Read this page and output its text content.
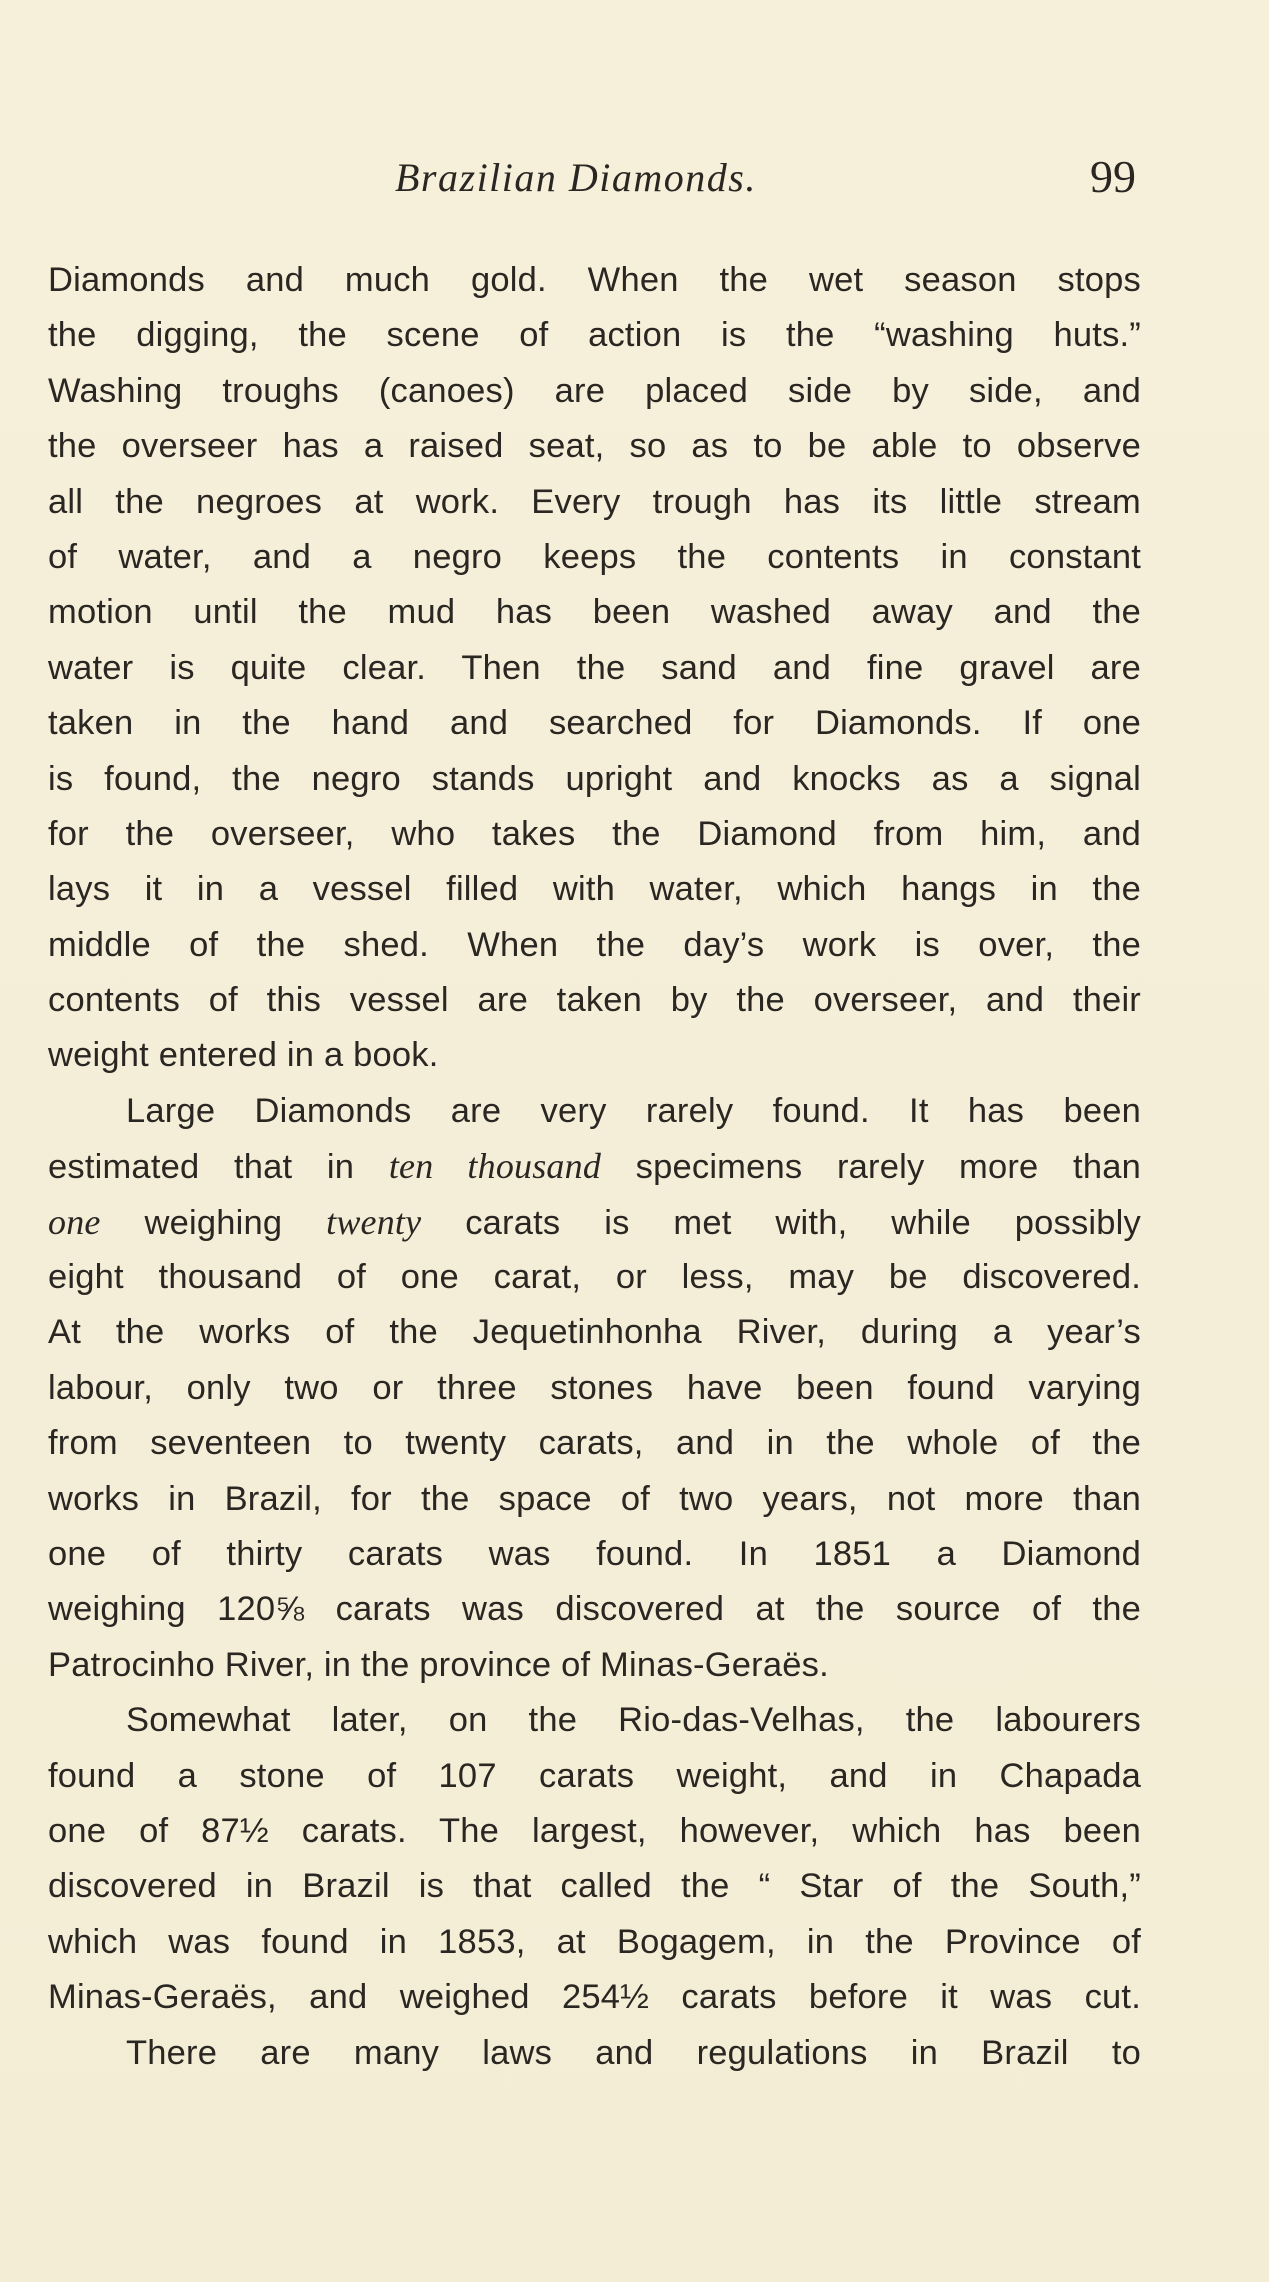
Brazilian Diamonds.	99
Diamonds and much gold. When the wet season stops
the digging, the scene of action is the “washing huts.”
Washing troughs (canoes) are placed side by side, and
the overseer has a raised seat, so as to be able to observe
all the negroes at work. Every trough has its little stream
of water, and a negro keeps the contents in constant
motion until the mud has been washed away and the
water is quite clear. Then the sand and fine gravel are
taken in the hand and searched for Diamonds. If one
is found, the negro stands upright and knocks as a signal
for the overseer, who takes the Diamond from him, and
lays it in a vessel filled with water, which hangs in the
middle of the shed. When the day’s work is over, the
contents of this vessel are taken by the overseer, and their
weight entered in a book.
Large Diamonds are very rarely found. It has been
estimated that in ten thousand specimens rarely more than
one weighing twenty carats is met with, while possibly
eight thousand of one carat, or less, may be discovered.
At the works of the Jequetinhonha River, during a year’s
labour, only two or three stones have been found varying
from seventeen to twenty carats, and in the whole of the
works in Brazil, for the space of two years, not more than
one of thirty carats was found. In 1851 a Diamond
weighing 120⅝ carats was discovered at the source of the
Patrocinho River, in the province of Minas-Geraës.
Somewhat later, on the Rio-das-Velhas, the labourers
found a stone of 107 carats weight, and in Chapada
one of 87½ carats. The largest, however, which has been
discovered in Brazil is that called the “ Star of the South,”
which was found in 1853, at Bogagem, in the Province of
Minas-Geraës, and weighed 254½ carats before it was cut.
There are many laws and regulations in Brazil to
